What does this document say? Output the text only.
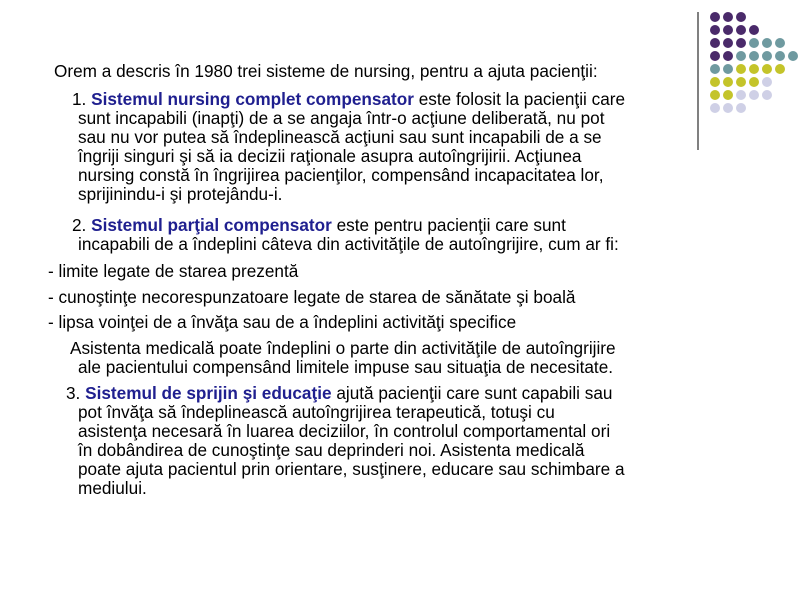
Orem a descris în 1980 trei sisteme de nursing, pentru a ajuta pacienţii:
1. Sistemul nursing complet compensator este folosit la pacienţii care
sunt incapabili (inapţi) de a se angaja într-o acţiune deliberată, nu pot
sau nu vor putea să îndeplinească acţiuni sau sunt incapabili de a se
îngriji singuri şi să ia decizii raţionale asupra autoîngrijirii. Acţiunea
nursing constă în îngrijirea pacienţilor, compensând incapacitatea lor,
sprijinindu-i şi protejându-i.
2. Sistemul parţial compensator este pentru pacienţii care sunt
incapabili de a îndeplini câteva din activităţile de autoîngrijire, cum ar fi:
- limite legate de starea prezentă
- cunoştinţe necorespunzatoare legate de starea de sănătate şi boală
- lipsa voinţei de a învăţa sau de a îndeplini activităţi specifice
Asistenta medicală poate îndeplini o parte din activităţile de autoîngrijire
ale pacientului compensând limitele impuse sau situaţia de necesitate.
3. Sistemul de sprijin şi educaţie ajută pacienţii care sunt capabili sau
pot învăţa să îndeplinească autoîngrijirea terapeutică, totuşi cu
asistenţa necesară în luarea deciziilor, în controlul comportamental ori
în dobândirea de cunoştinţe sau deprinderi noi. Asistenta medicală
poate ajuta pacientul prin orientare, susţinere, educare sau schimbare a
mediului.
